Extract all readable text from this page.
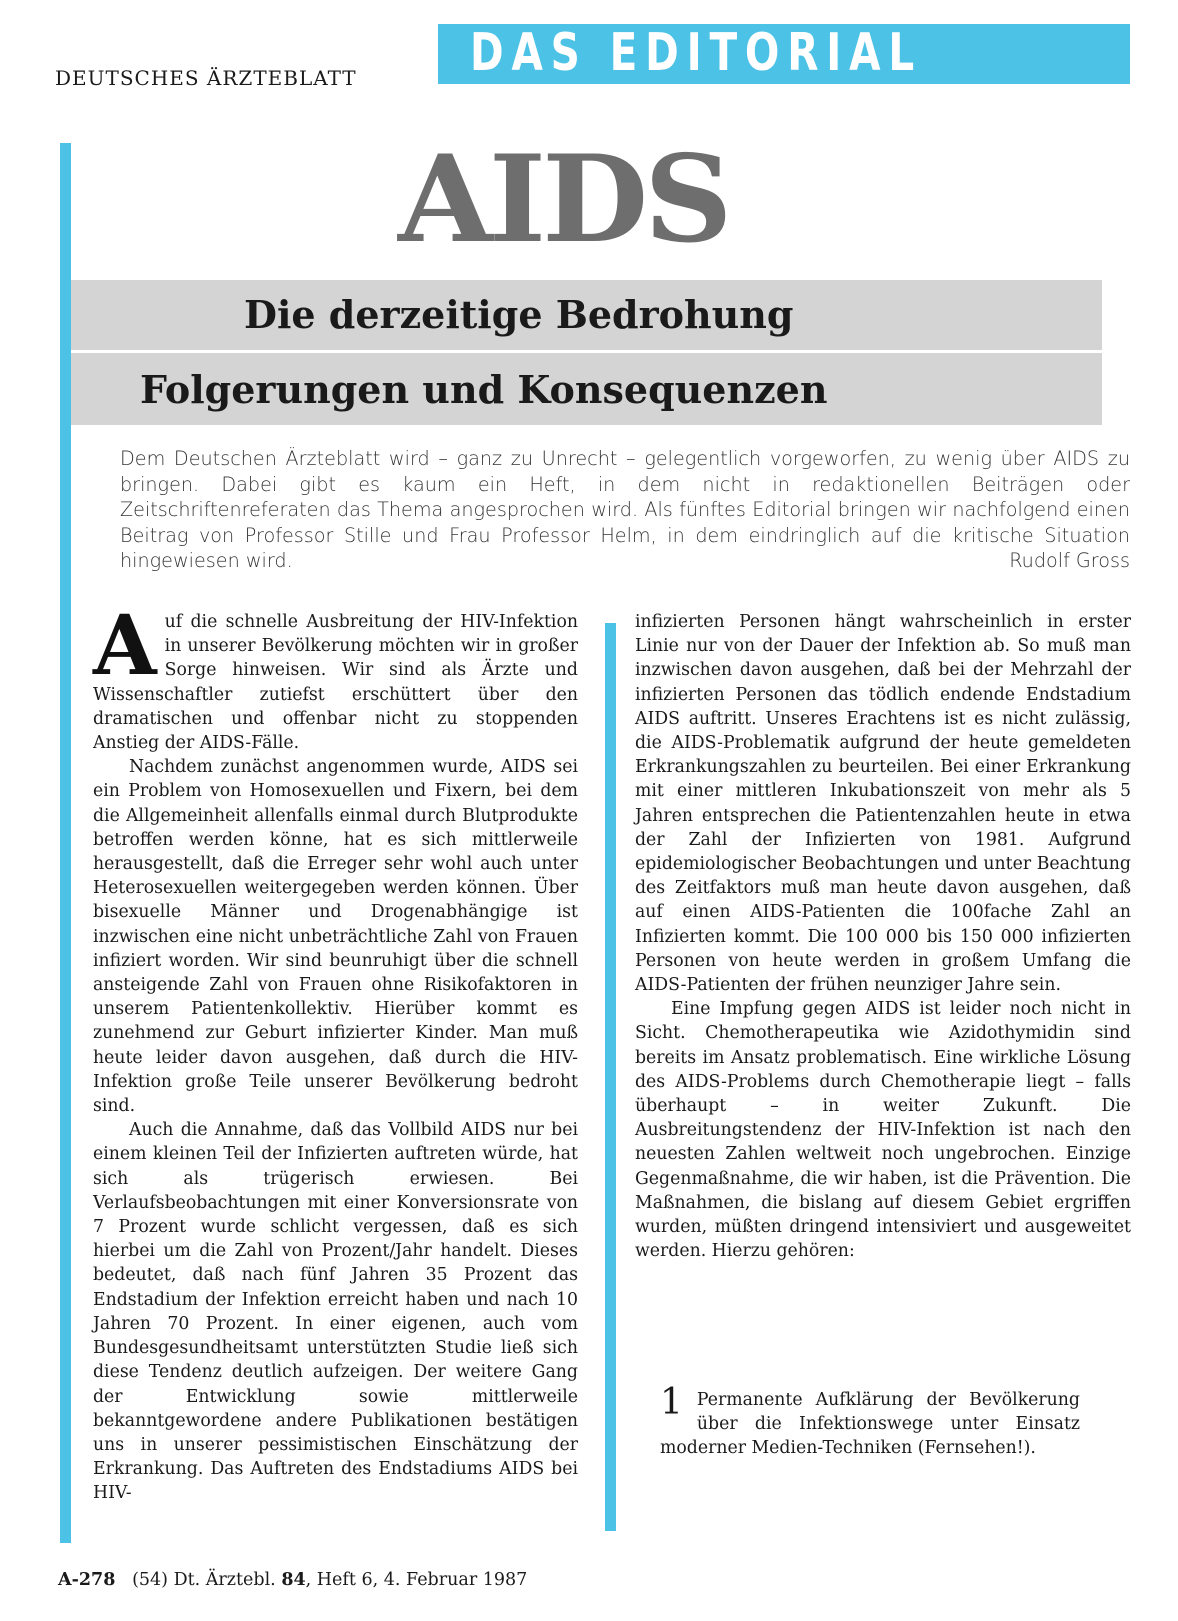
DEUTSCHES ÄRZTEBLATT DAS EDITORIAL
AIDS
Die derzeitige Bedrohung
Folgerungen und Konsequenzen
Dem Deutschen Ärzteblatt wird – ganz zu Unrecht – gelegentlich vorgeworfen, zu wenig über AIDS zu bringen. Dabei gibt es kaum ein Heft, in dem nicht in redaktionellen Beiträgen oder Zeitschriftenreferaten das Thema angesprochen wird. Als fünftes Editorial bringen wir nachfolgend einen Beitrag von Professor Stille und Frau Professor Helm, in dem eindringlich auf die kritische Situation hingewiesen wird.	Rudolf Gross

Auf die schnelle Ausbreitung der HIV-Infektion in unserer Bevölkerung möchten wir in großer Sorge hinweisen. Wir sind als Ärzte und Wissenschaftler zutiefst erschüttert über den dramatischen und offenbar nicht zu stoppenden Anstieg der AIDS-Fälle.

Nachdem zunächst angenommen wurde, AIDS sei ein Problem von Homosexuellen und Fixern, bei dem die Allgemeinheit allenfalls einmal durch Blutprodukte betroffen werden könne, hat es sich mittlerweile herausgestellt, daß die Erreger sehr wohl auch unter Heterosexuellen weitergegeben werden können. Über bisexuelle Männer und Drogenabhängige ist inzwischen eine nicht unbeträchtliche Zahl von Frauen infiziert worden. Wir sind beunruhigt über die schnell ansteigende Zahl von Frauen ohne Risikofaktoren in unserem Patientenkollektiv. Hierüber kommt es zunehmend zur Geburt infizierter Kinder. Man muß heute leider davon ausgehen, daß durch die HIV-Infektion große Teile unserer Bevölkerung bedroht sind.

Auch die Annahme, daß das Vollbild AIDS nur bei einem kleinen Teil der Infizierten auftreten würde, hat sich als trügerisch erwiesen. Bei Verlaufsbeobachtungen mit einer Konversionsrate von 7 Prozent wurde schlicht vergessen, daß es sich hierbei um die Zahl von Prozent/Jahr handelt. Dieses bedeutet, daß nach fünf Jahren 35 Prozent das Endstadium der Infektion erreicht haben und nach 10 Jahren 70 Prozent. In einer eigenen, auch vom Bundesgesundheitsamt unterstützten Studie ließ sich diese Tendenz deutlich aufzeigen. Der weitere Gang der Entwicklung sowie mittlerweile bekanntgewordene andere Publikationen bestätigen uns in unserer pessimistischen Einschätzung der Erkrankung. Das Auftreten des Endstadiums AIDS bei HIV-

infizierten Personen hängt wahrscheinlich in erster Linie nur von der Dauer der Infektion ab. So muß man inzwischen davon ausgehen, daß bei der Mehrzahl der infizierten Personen das tödlich endende Endstadium AIDS auftritt. Unseres Erachtens ist es nicht zulässig, die AIDS-Problematik aufgrund der heute gemeldeten Erkrankungszahlen zu beurteilen. Bei einer Erkrankung mit einer mittleren Inkubationszeit von mehr als 5 Jahren entsprechen die Patientenzahlen heute in etwa der Zahl der Infizierten von 1981. Aufgrund epidemiologischer Beobachtungen und unter Beachtung des Zeitfaktors muß man heute davon ausgehen, daß auf einen AIDS-Patienten die 100fache Zahl an Infizierten kommt. Die 100 000 bis 150 000 infizierten Personen von heute werden in großem Umfang die AIDS-Patienten der frühen neunziger Jahre sein.

Eine Impfung gegen AIDS ist leider noch nicht in Sicht. Chemotherapeutika wie Azidothymidin sind bereits im Ansatz problematisch. Eine wirkliche Lösung des AIDS-Problems durch Chemotherapie liegt – falls überhaupt – in weiter Zukunft. Die Ausbreitungstendenz der HIV-Infektion ist nach den neuesten Zahlen weltweit noch ungebrochen. Einzige Gegenmaßnahme, die wir haben, ist die Prävention. Die Maßnahmen, die bislang auf diesem Gebiet ergriffen wurden, müßten dringend intensiviert und ausgeweitet werden. Hierzu gehören:

1 Permanente Aufklärung der Bevölkerung über die Infektionswege unter Einsatz moderner Medien-Techniken (Fernsehen!).
A-278 (54) Dt. Ärztebl. 84, Heft 6, 4. Februar 1987
